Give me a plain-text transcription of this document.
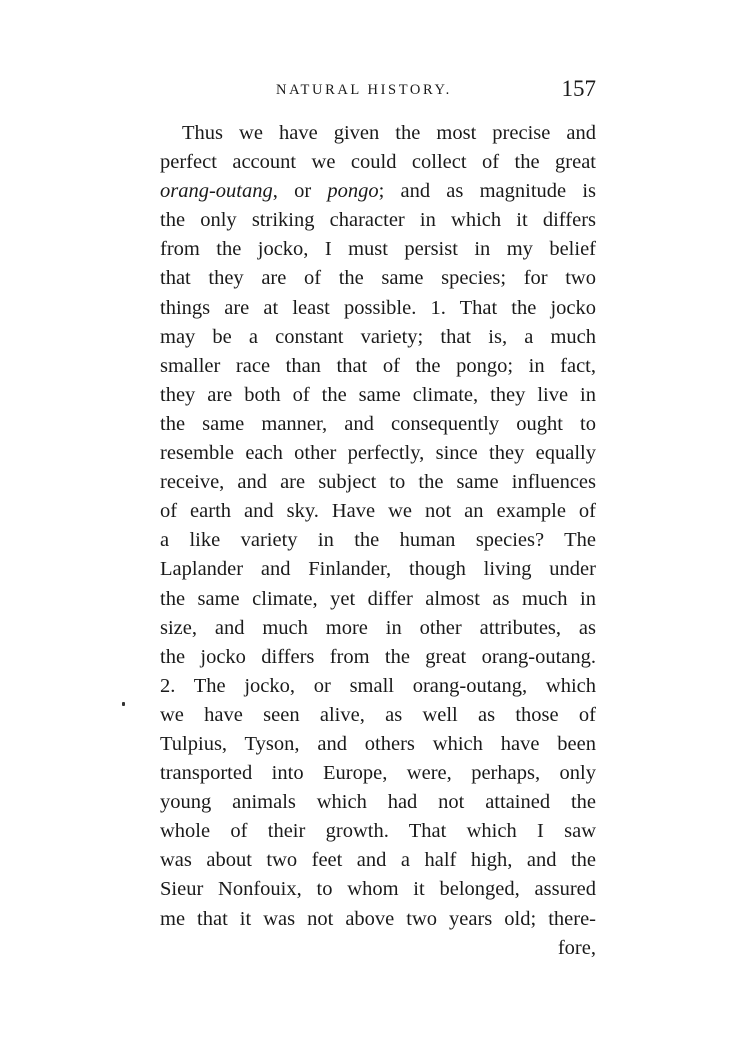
NATURAL HISTORY.	157
Thus we have given the most precise and
perfect account we could collect of the great
orang-outang, or pongo; and as magnitude is
the only striking character in which it differs
from the jocko, I must persist in my belief
that they are of the same species; for two
things are at least possible. 1. That the jocko
may be a constant variety; that is, a much
smaller race than that of the pongo; in fact,
they are both of the same climate, they live in
the same manner, and consequently ought to
resemble each other perfectly, since they equally
receive, and are subject to the same influences
of earth and sky. Have we not an example of
a like variety in the human species? The
Laplander and Finlander, though living under
the same climate, yet differ almost as much in
size, and much more in other attributes, as
the jocko differs from the great orang-outang.
2. The jocko, or small orang-outang, which
we have seen alive, as well as those of
Tulpius, Tyson, and others which have been
transported into Europe, were, perhaps, only
young animals which had not attained the
whole of their growth. That which I saw
was about two feet and a half high, and the
Sieur Nonfouix, to whom it belonged, assured
me that it was not above two years old; there-
fore,
